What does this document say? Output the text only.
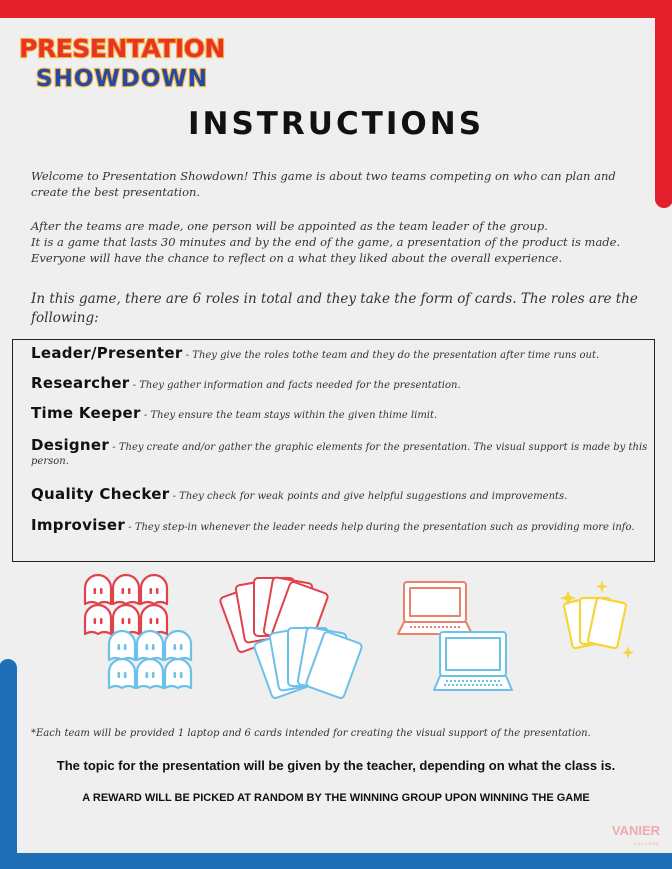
PRESENTATION
SHOWDOWN
INSTRUCTIONS
Welcome to Presentation Showdown! This game is about two teams competing on who can plan and create the best presentation.
After the teams are made, one person will be appointed as the team leader of the group.
It is a game that lasts 30 minutes and by the end of the game, a presentation of the product is made.
Everyone will have the chance to reflect on a what they liked about the overall experience.
In this game, there are 6 roles in total and they take the form of cards. The roles are the following:
Leader/Presenter - They give the roles tothe team and they do the presentation after time runs out.
Researcher - They gather information and facts needed for the presentation.
Time Keeper - They ensure the team stays within the given thime limit.
Designer - They create and/or gather the graphic elements for the presentation. The visual support is made by this person.
Quality Checker - They check for weak points and give helpful suggestions and improvements.
Improviser - They step-in whenever the leader needs help during the presentation such as providing more info.
*Each team will be provided 1 laptop and 6 cards intended for creating the visual support of the presentation.
The topic for the presentation will be given by the teacher, depending on what the class is.
A REWARD WILL BE PICKED AT RANDOM BY THE WINNING GROUP UPON WINNING THE GAME
VANIER
COLLEGE
